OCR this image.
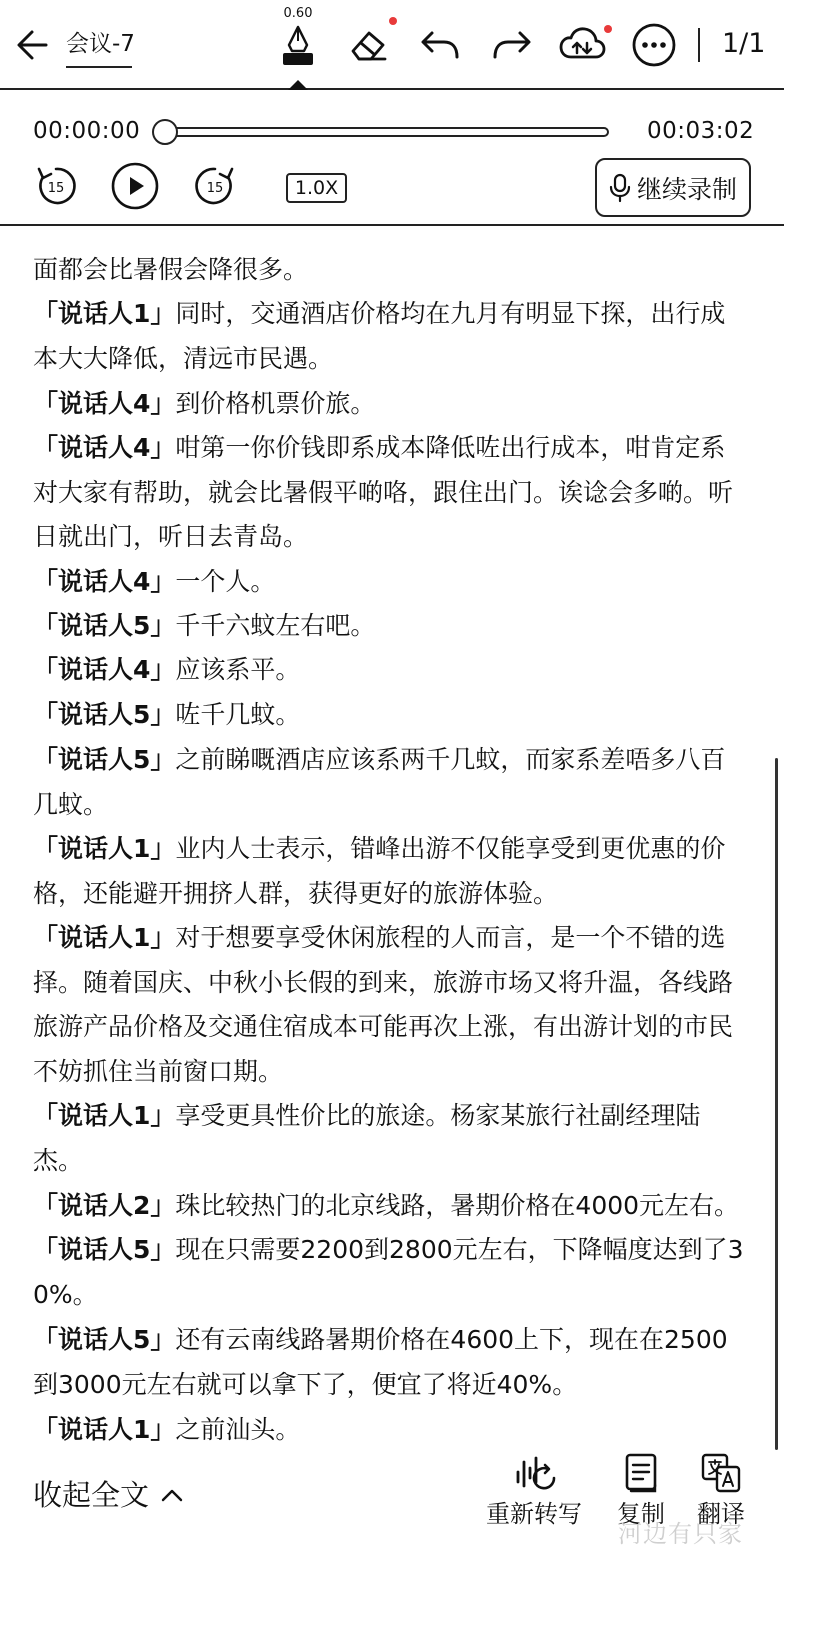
会议-7
0.60
1/1
00:00:00	00:03:02
15	15	1.0X	继续录制

面都会比暑假会降很多。

「说话人1」同时，交通酒店价格均在九月有明显下探，出行成本大大降低，清远市民遇。

「说话人4」到价格机票价旅。

「说话人4」咁第一你价钱即系成本降低咗出行成本，咁肯定系对大家有帮助，就会比暑假平啲咯，跟住出门。诶谂会多啲。听日就出门，听日去青岛。

「说话人4」一个人。

「说话人5」千千六蚊左右吧。

「说话人4」应该系平。

「说话人5」咗千几蚊。

「说话人5」之前睇嘅酒店应该系两千几蚊，而家系差唔多八百几蚊。

「说话人1」业内人士表示，错峰出游不仅能享受到更优惠的价格，还能避开拥挤人群，获得更好的旅游体验。

「说话人1」对于想要享受休闲旅程的人而言，是一个不错的选择。随着国庆、中秋小长假的到来，旅游市场又将升温，各线路旅游产品价格及交通住宿成本可能再次上涨，有出游计划的市民不妨抓住当前窗口期。

「说话人1」享受更具性价比的旅途。杨家某旅行社副经理陆杰。

「说话人2」珠比较热门的北京线路，暑期价格在4000元左右。

「说话人5」现在只需要2200到2800元左右，下降幅度达到了30%。

「说话人5」还有云南线路暑期价格在4600上下，现在在2500到3000元左右就可以拿下了，便宜了将近40%。

「说话人1」之前汕头。

收起全文
重新转写 复制 翻译
河边有只家
